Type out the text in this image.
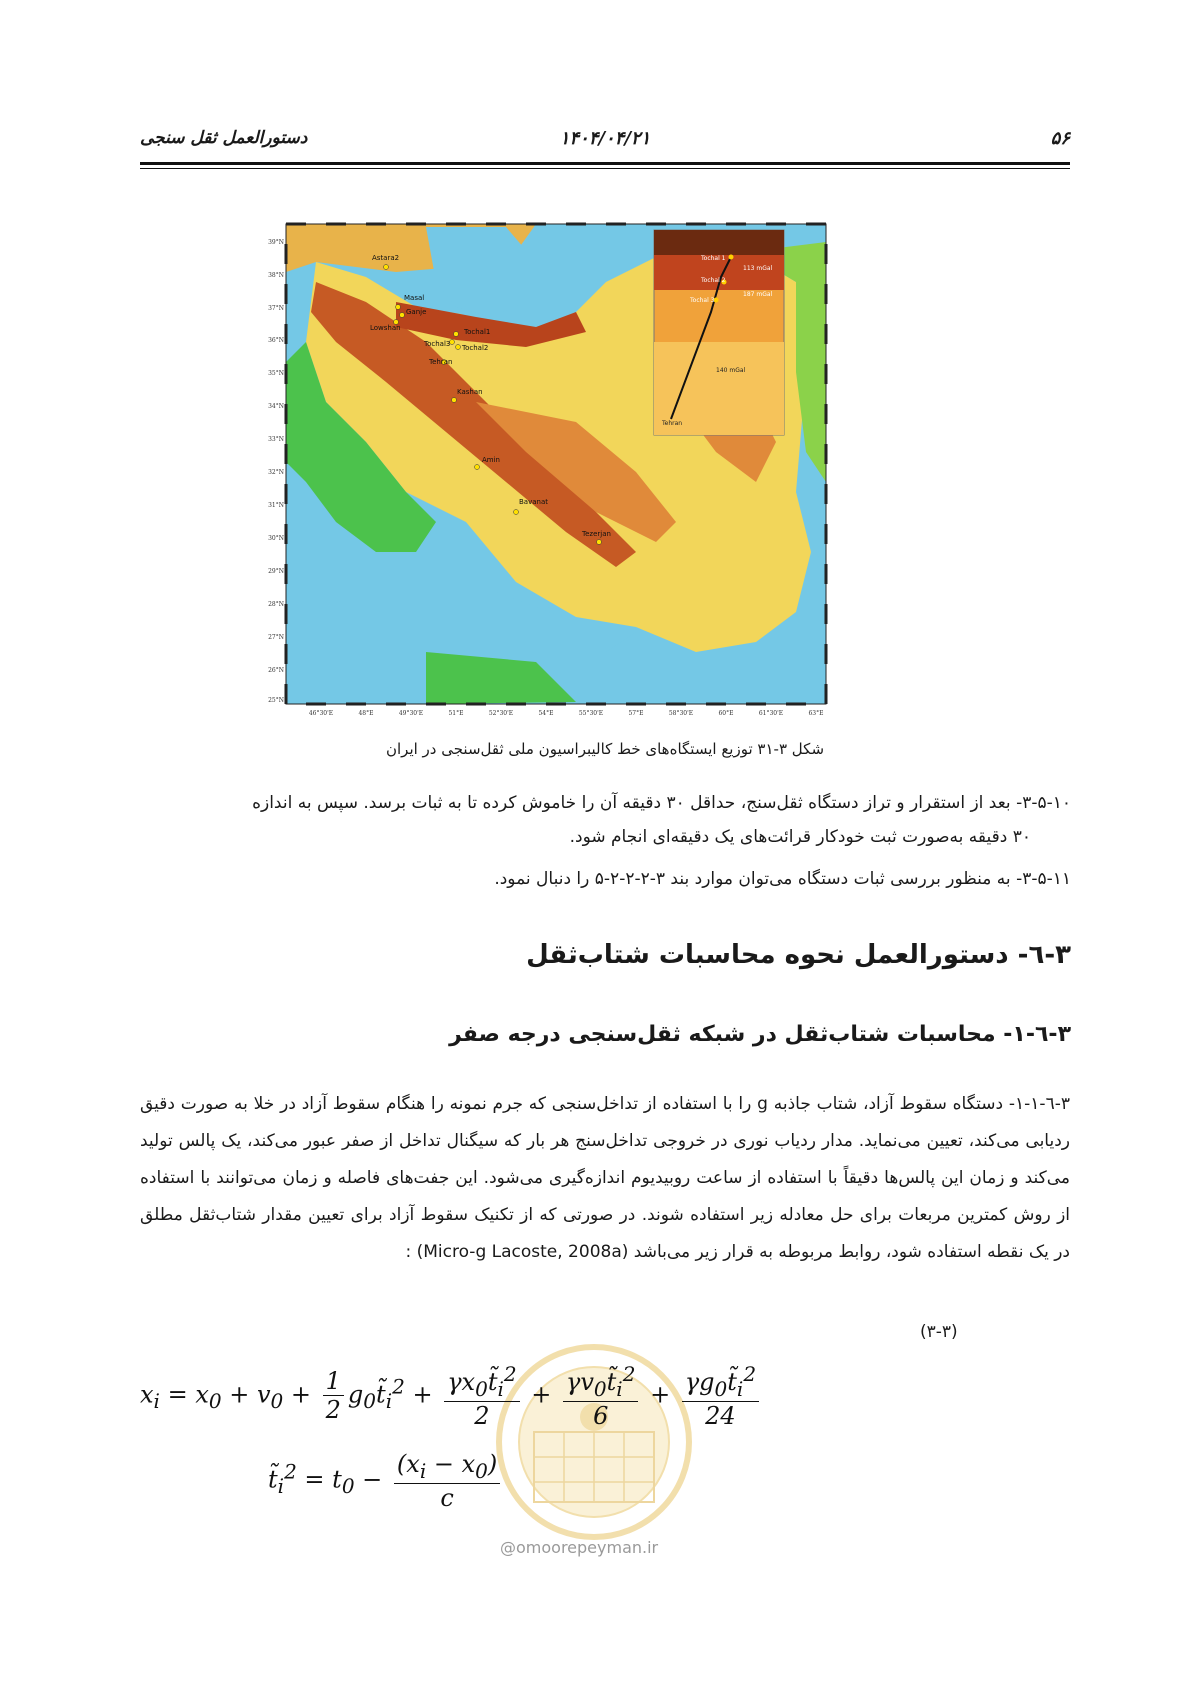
۵۶
۱۴۰۴/۰۴/۲۱
دستورالعمل ثقل سنجی
Tochal 1
Tochal 2
Tochal 3
Tehran
113 mGal
187 mGal
140 mGal
Astara2
Masal
Ganje
Lowshan	Tochal1
Tochal3 Tochal2
Tehran
Kashan
Amin
Bavanat
Tezerjan
39°N
38°N
37°N
36°N
35°N
34°N
33°N
32°N
31°N
30°N
29°N
28°N
27°N
26°N
25°N
46°30'E	48°E	49°30'E	51°E	52°30'E	54°E	55°30'E	57°E	58°30'E	60°E	61°30'E	63°E
شکل ۳-۳۱ توزیع ایستگاه‌های خط کالیبراسیون ملی ثقل‌سنجی در ایران
۳-۵-۱۰- بعد از استقرار و تراز دستگاه ثقل‌سنج، حداقل ۳۰ دقیقه آن را خاموش کرده تا به ثبات برسد. سپس به اندازه
۳۰ دقیقه به‌صورت ثبت خودکار قرائت‌های یک دقیقه‌ای انجام شود.
۳-۵-۱۱- به منظور بررسی ثبات دستگاه می‌توان موارد بند ۳-۲-۲-۲-۵ را دنبال نمود.
۳-٦- دستورالعمل نحوه محاسبات شتاب‌ثقل
۳-٦-۱- محاسبات شتاب‌ثقل در شبکه ثقل‌سنجی درجه صفر
۳-٦-۱-۱- دستگاه سقوط آزاد، شتاب جاذبه g را با استفاده از تداخل‌سنجی که جرم نمونه را هنگام سقوط آزاد در خلا به صورت دقیق ردیابی می‌کند، تعیین می‌نماید. مدار ردیاب نوری در خروجی تداخل‌سنج هر بار که سیگنال تداخل از صفر عبور می‌کند، یک پالس تولید می‌کند و زمان این پالس‌ها دقیقاً با استفاده از ساعت روبیدیوم اندازه‌گیری می‌شود. این جفت‌های فاصله و زمان می‌توانند با استفاده از روش کمترین مربعات برای حل معادله زیر استفاده شوند. در صورتی که از تکنیک سقوط آزاد برای تعیین مقدار شتاب‌ثقل مطلق در یک نقطه استفاده شود، روابط مربوطه به قرار زیر می‌باشد (Micro-g Lacoste, 2008a) :
(۳-۳)
@omoorepeyman.ir
$x_i = x_0 + v_0 + \frac{1}{2}$ $g_0t̃_i^2 + \frac{\gamma x_0t̃_i^2}{2} + \frac{\gamma v_0t̃_i^2}{6} + \frac{\gamma g_0t̃_i^2}{24}$
$t̃_i^2 = t_0 - \frac{(x_i - x_0)}{c}$
